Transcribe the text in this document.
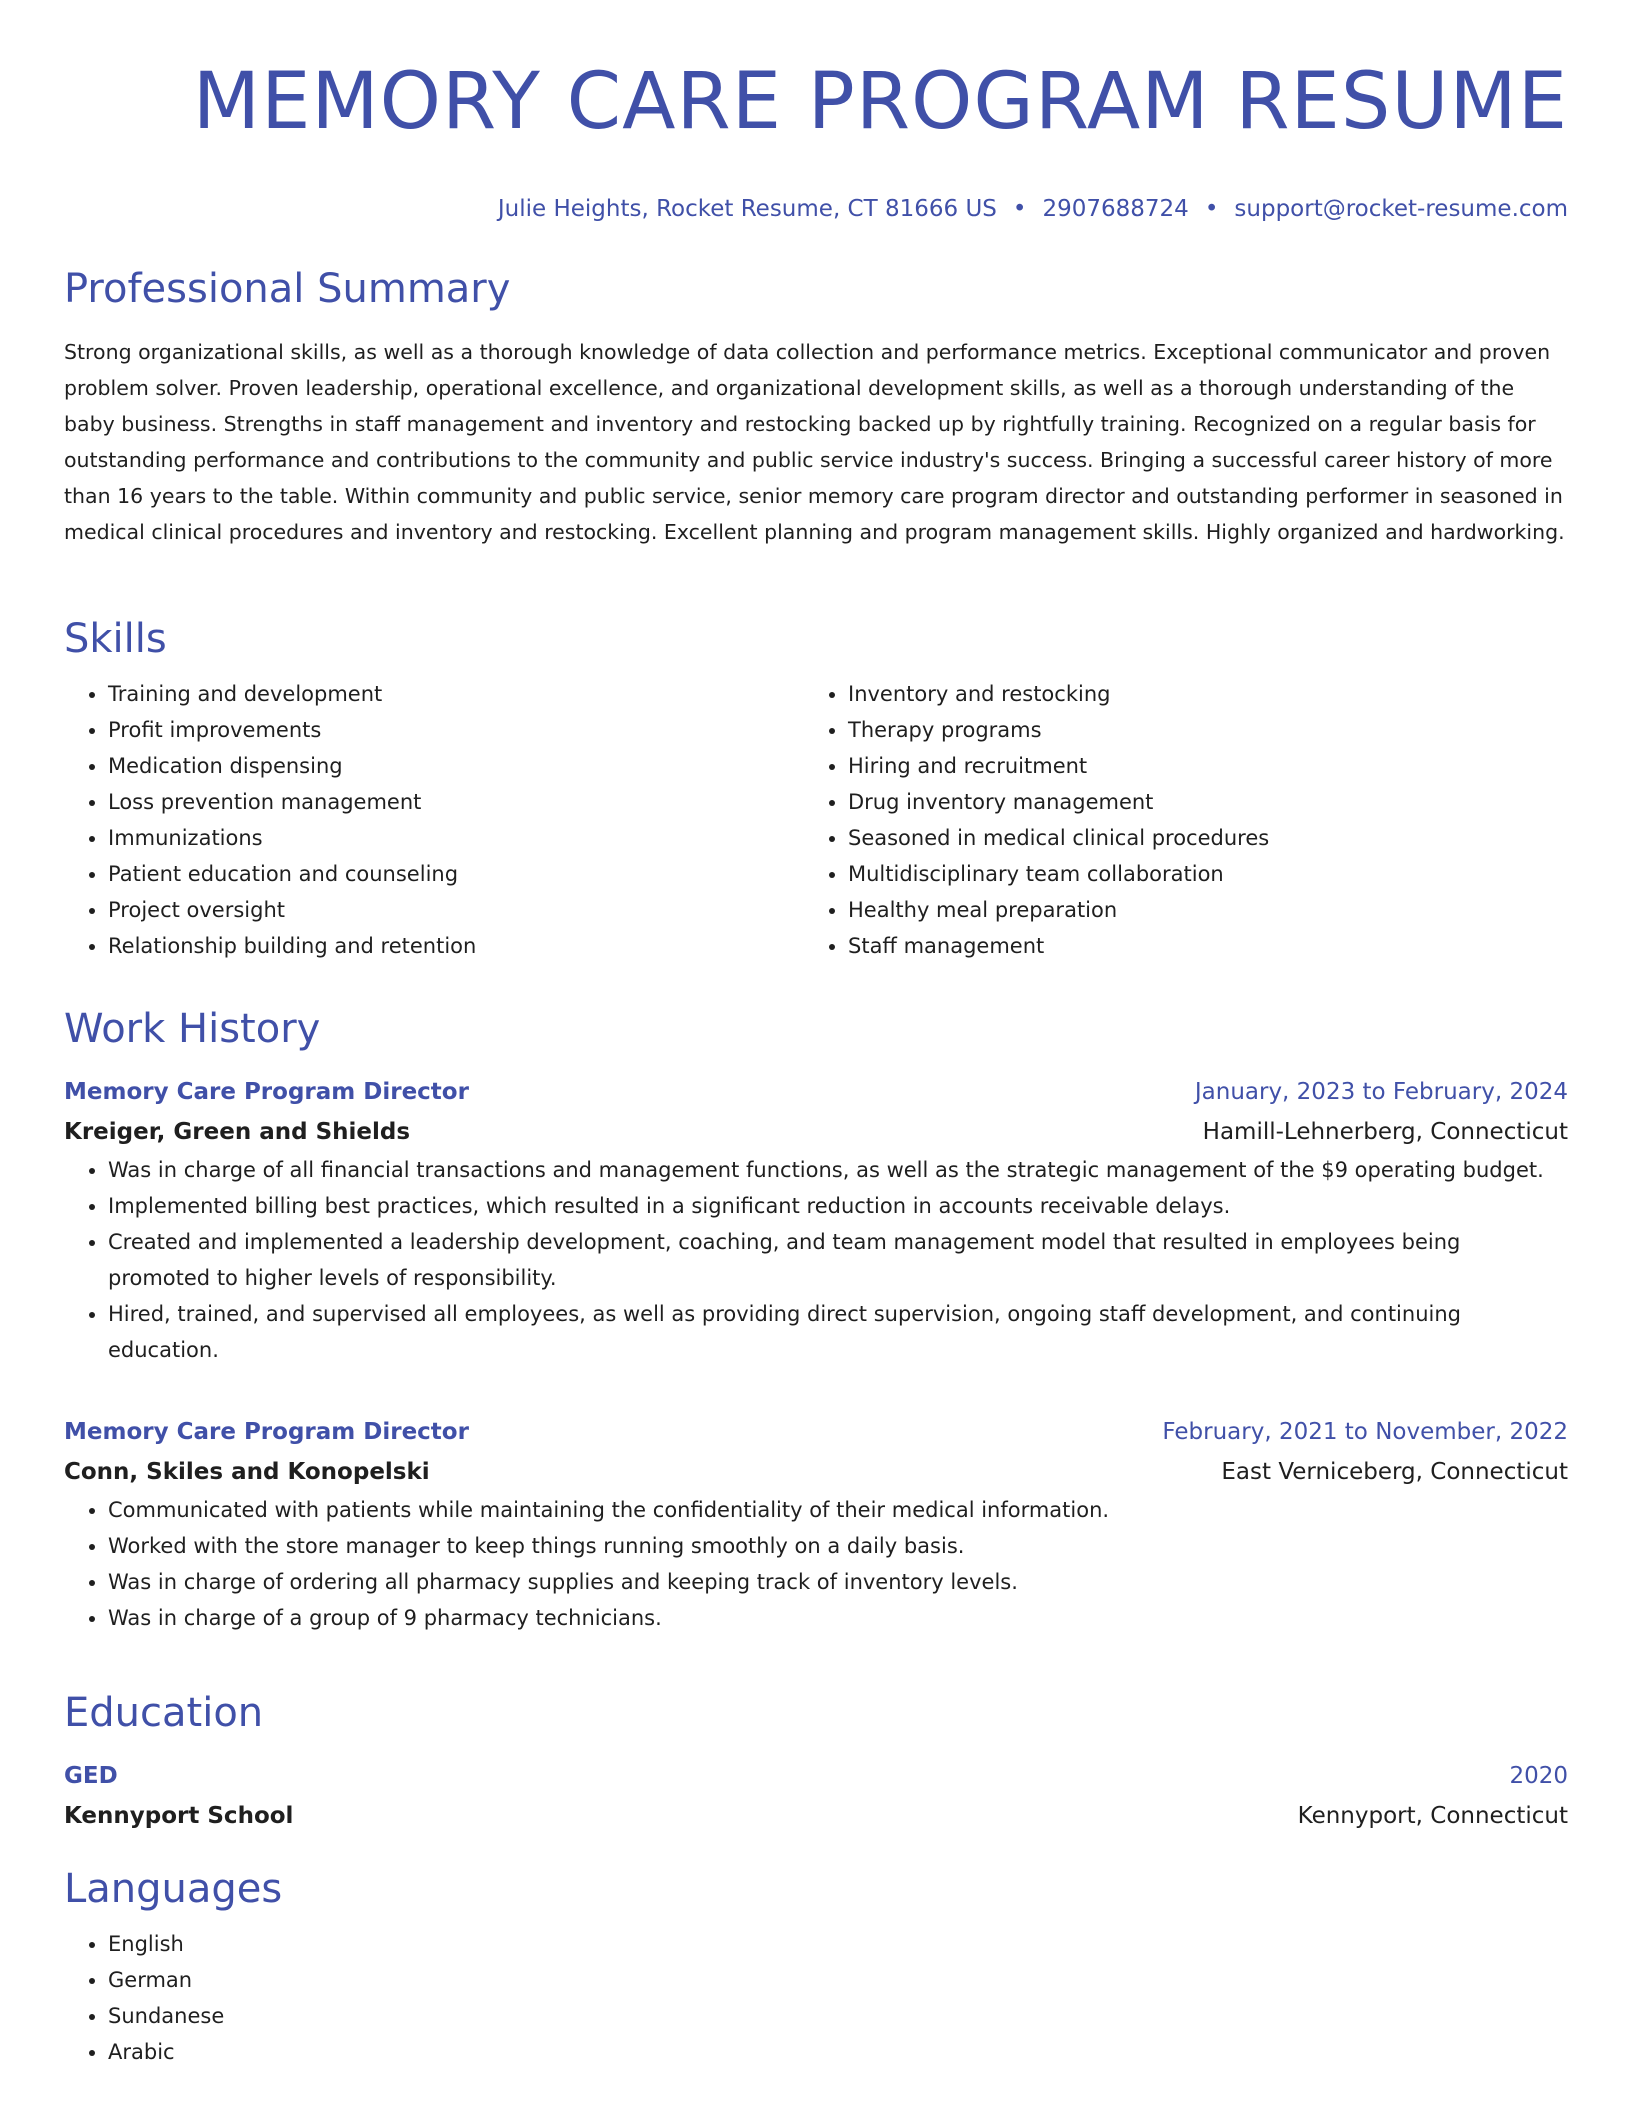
MEMORY CARE PROGRAM RESUME
Julie Heights, Rocket Resume, CT 81666 US • 2907688724 • support@rocket-resume.com
Professional Summary

Strong organizational skills, as well as a thorough knowledge of data collection and performance metrics. Exceptional communicator and proven problem solver. Proven leadership, operational excellence, and organizational development skills, as well as a thorough understanding of the baby business. Strengths in staff management and inventory and restocking backed up by rightfully training. Recognized on a regular basis for outstanding performance and contributions to the community and public service industry's success. Bringing a successful career history of more than 16 years to the table. Within community and public service, senior memory care program director and outstanding performer in seasoned in medical clinical procedures and inventory and restocking. Excellent planning and program management skills. Highly organized and hardworking.

Skills
• Training and development
• Profit improvements
• Medication dispensing
• Loss prevention management
• Immunizations
• Patient education and counseling
• Project oversight
• Relationship building and retention
• Inventory and restocking
• Therapy programs
• Hiring and recruitment
• Drug inventory management
• Seasoned in medical clinical procedures
• Multidisciplinary team collaboration
• Healthy meal preparation
• Staff management
Work History
Memory Care Program Director	January, 2023 to February, 2024
Kreiger, Green and Shields	Hamill-Lehnerberg, Connecticut
• Was in charge of all financial transactions and management functions, as well as the strategic management of the $9 operating budget.
• Implemented billing best practices, which resulted in a significant reduction in accounts receivable delays.
• Created and implemented a leadership development, coaching, and team management model that resulted in employees being promoted to higher levels of responsibility.
• Hired, trained, and supervised all employees, as well as providing direct supervision, ongoing staff development, and continuing education.
Memory Care Program Director	February, 2021 to November, 2022
Conn, Skiles and Konopelski	East Verniceberg, Connecticut
• Communicated with patients while maintaining the confidentiality of their medical information.
• Worked with the store manager to keep things running smoothly on a daily basis.
• Was in charge of ordering all pharmacy supplies and keeping track of inventory levels.
• Was in charge of a group of 9 pharmacy technicians.
Education
GED	2020
Kennyport School	Kennyport, Connecticut
Languages
• English
• German
• Sundanese
• Arabic
